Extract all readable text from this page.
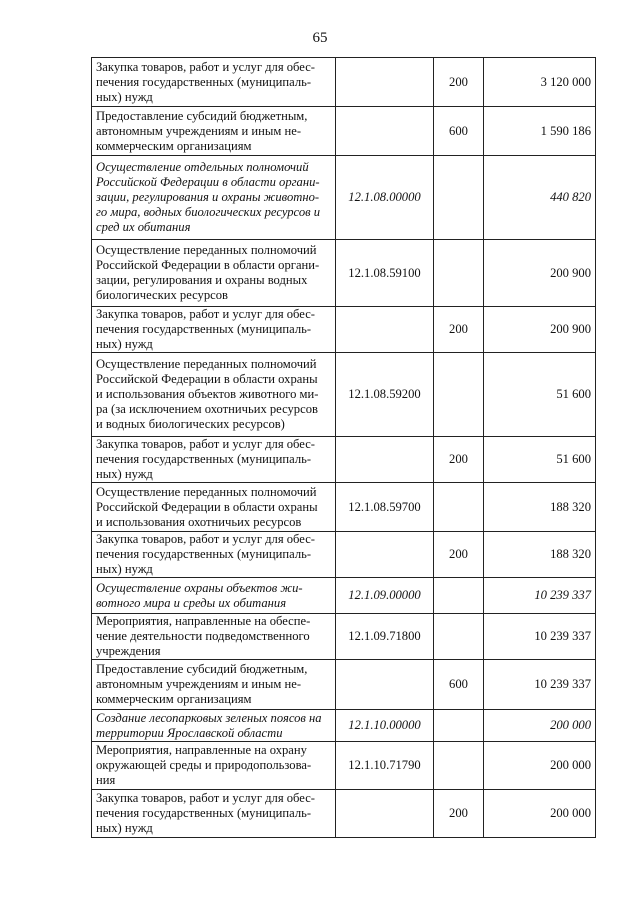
65
Закупка товаров, работ и услуг для обес-
печения государственных (муниципаль-
ных) нужд		200	3 120 000
Предоставление субсидий бюджетным,
автономным учреждениям и иным не-
коммерческим организациям		600	1 590 186
Осуществление отдельных полномочий
Российской Федерации в области органи-
зации, регулирования и охраны животно-
го мира, водных биологических ресурсов и
сред их обитания	12.1.08.00000		440 820
Осуществление переданных полномочий
Российской Федерации в области органи-
зации, регулирования и охраны водных
биологических ресурсов	12.1.08.59100		200 900
Закупка товаров, работ и услуг для обес-
печения государственных (муниципаль-
ных) нужд		200	200 900
Осуществление переданных полномочий
Российской Федерации в области охраны
и использования объектов животного ми-
ра (за исключением охотничьих ресурсов
и водных биологических ресурсов)	12.1.08.59200		51 600
Закупка товаров, работ и услуг для обес-
печения государственных (муниципаль-
ных) нужд		200	51 600
Осуществление переданных полномочий
Российской Федерации в области охраны
и использования охотничьих ресурсов	12.1.08.59700		188 320
Закупка товаров, работ и услуг для обес-
печения государственных (муниципаль-
ных) нужд		200	188 320
Осуществление охраны объектов жи-
вотного мира и среды их обитания	12.1.09.00000		10 239 337
Мероприятия, направленные на обеспе-
чение деятельности подведомственного
учреждения	12.1.09.71800		10 239 337
Предоставление субсидий бюджетным,
автономным учреждениям и иным не-
коммерческим организациям		600	10 239 337
Создание лесопарковых зеленых поясов на
территории Ярославской области	12.1.10.00000		200 000
Мероприятия, направленные на охрану
окружающей среды и природопользова-
ния	12.1.10.71790		200 000
Закупка товаров, работ и услуг для обес-
печения государственных (муниципаль-
ных) нужд		200	200 000
